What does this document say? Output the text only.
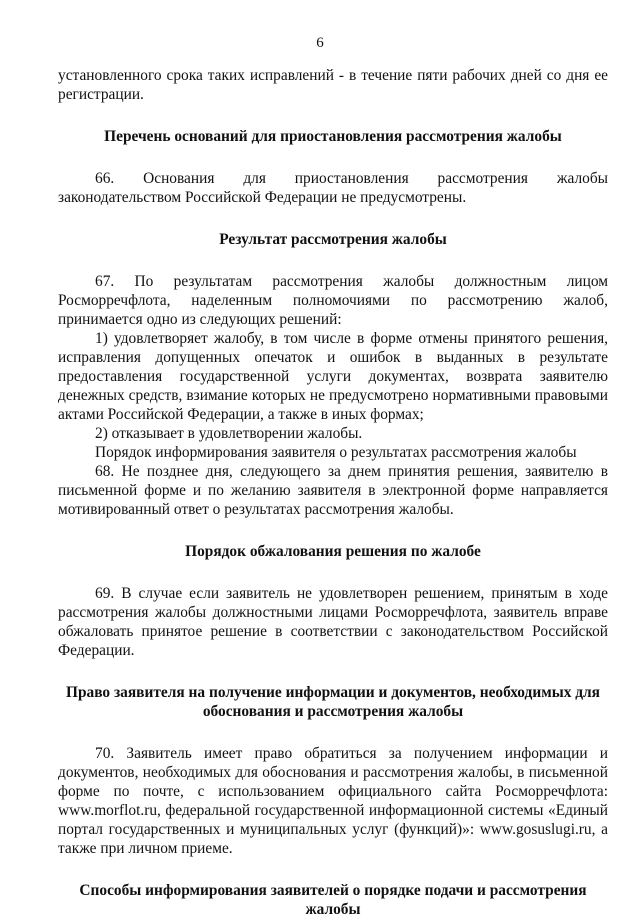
6

установленного срока таких исправлений - в течение пяти рабочих дней со дня ее регистрации.

Перечень оснований для приостановления рассмотрения жалобы

66. Основания для приостановления рассмотрения жалобы законодательством Российской Федерации не предусмотрены.

Результат рассмотрения жалобы

67. По результатам рассмотрения жалобы должностным лицом Росморречфлота, наделенным полномочиями по рассмотрению жалоб, принимается одно из следующих решений:

1) удовлетворяет жалобу, в том числе в форме отмены принятого решения, исправления допущенных опечаток и ошибок в выданных в результате предоставления государственной услуги документах, возврата заявителю денежных средств, взимание которых не предусмотрено нормативными правовыми актами Российской Федерации, а также в иных формах;

2) отказывает в удовлетворении жалобы.

Порядок информирования заявителя о результатах рассмотрения жалобы

68. Не позднее дня, следующего за днем принятия решения, заявителю в письменной форме и по желанию заявителя в электронной форме направляется мотивированный ответ о результатах рассмотрения жалобы.

Порядок обжалования решения по жалобе

69. В случае если заявитель не удовлетворен решением, принятым в ходе рассмотрения жалобы должностными лицами Росморречфлота, заявитель вправе обжаловать принятое решение в соответствии с законодательством Российской Федерации.

Право заявителя на получение информации и документов, необходимых для обоснования и рассмотрения жалобы

70. Заявитель имеет право обратиться за получением информации и документов, необходимых для обоснования и рассмотрения жалобы, в письменной форме по почте, с использованием официального сайта Росморречфлота: www.morflot.ru, федеральной государственной информационной системы «Единый портал государственных и муниципальных услуг (функций)»: www.gosuslugi.ru, а также при личном приеме.

Способы информирования заявителей о порядке подачи и рассмотрения жалобы
